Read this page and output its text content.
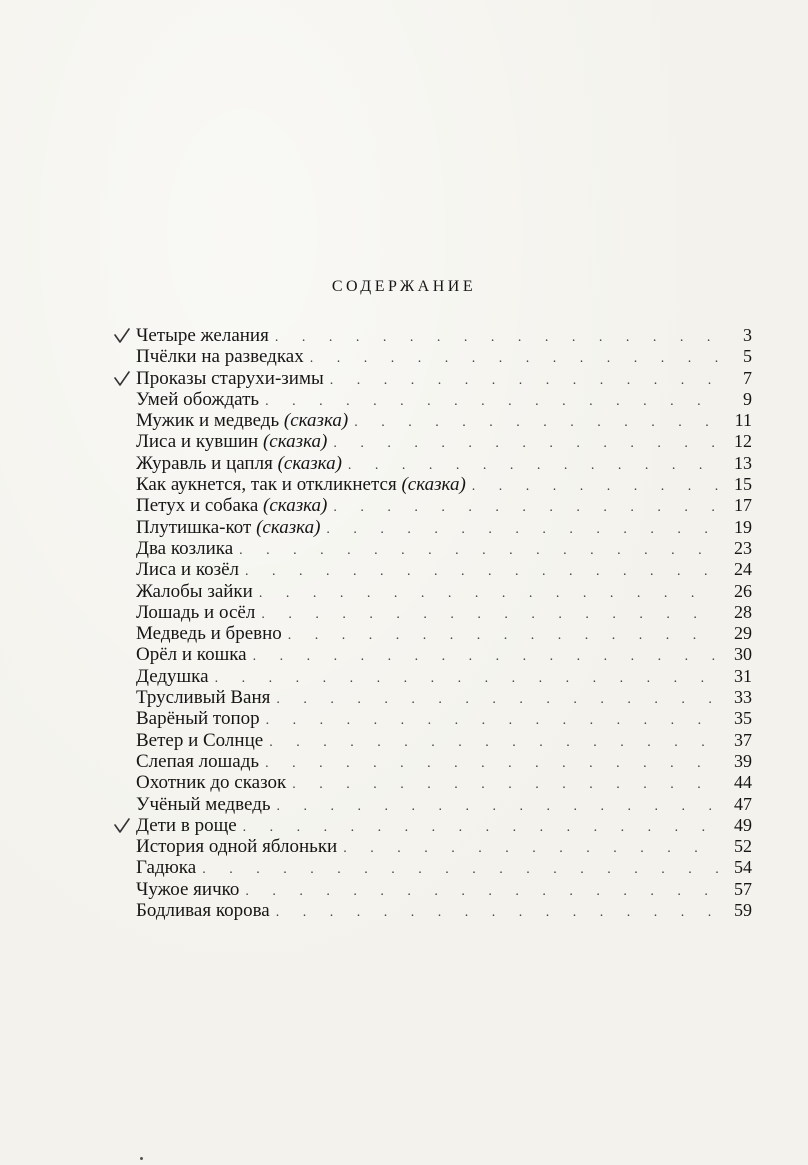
СОДЕРЖАНИЕ
Четыре желания . . .	3
Пчёлки на разведках . . .	5
Проказы старухи-зимы . . .	7
Умей обождать . . .	9
Мужик и медведь (сказка) . . .	11
Лиса и кувшин (сказка) . . .	12
Журавль и цапля (сказка) . . .	13
Как аукнется, так и откликнется (сказка) . . .	15
Петух и собака (сказка) . . .	17
Плутишка-кот (сказка) . . .	19
Два козлика . . .	23
Лиса и козёл . . .	24
Жалобы зайки . . .	26
Лошадь и осёл . . .	28
Медведь и бревно . . .	29
Орёл и кошка . . .	30
Дедушка . . .	31
Трусливый Ваня . . .	33
Варёный топор . . .	35
Ветер и Солнце . . .	37
Слепая лошадь . . .	39
Охотник до сказок . . .	44
Учёный медведь . . .	47
Дети в роще . . .	49
История одной яблоньки . . .	52
Гадюка . . .	54
Чужое яичко . . .	57
Бодливая корова . . .	59
